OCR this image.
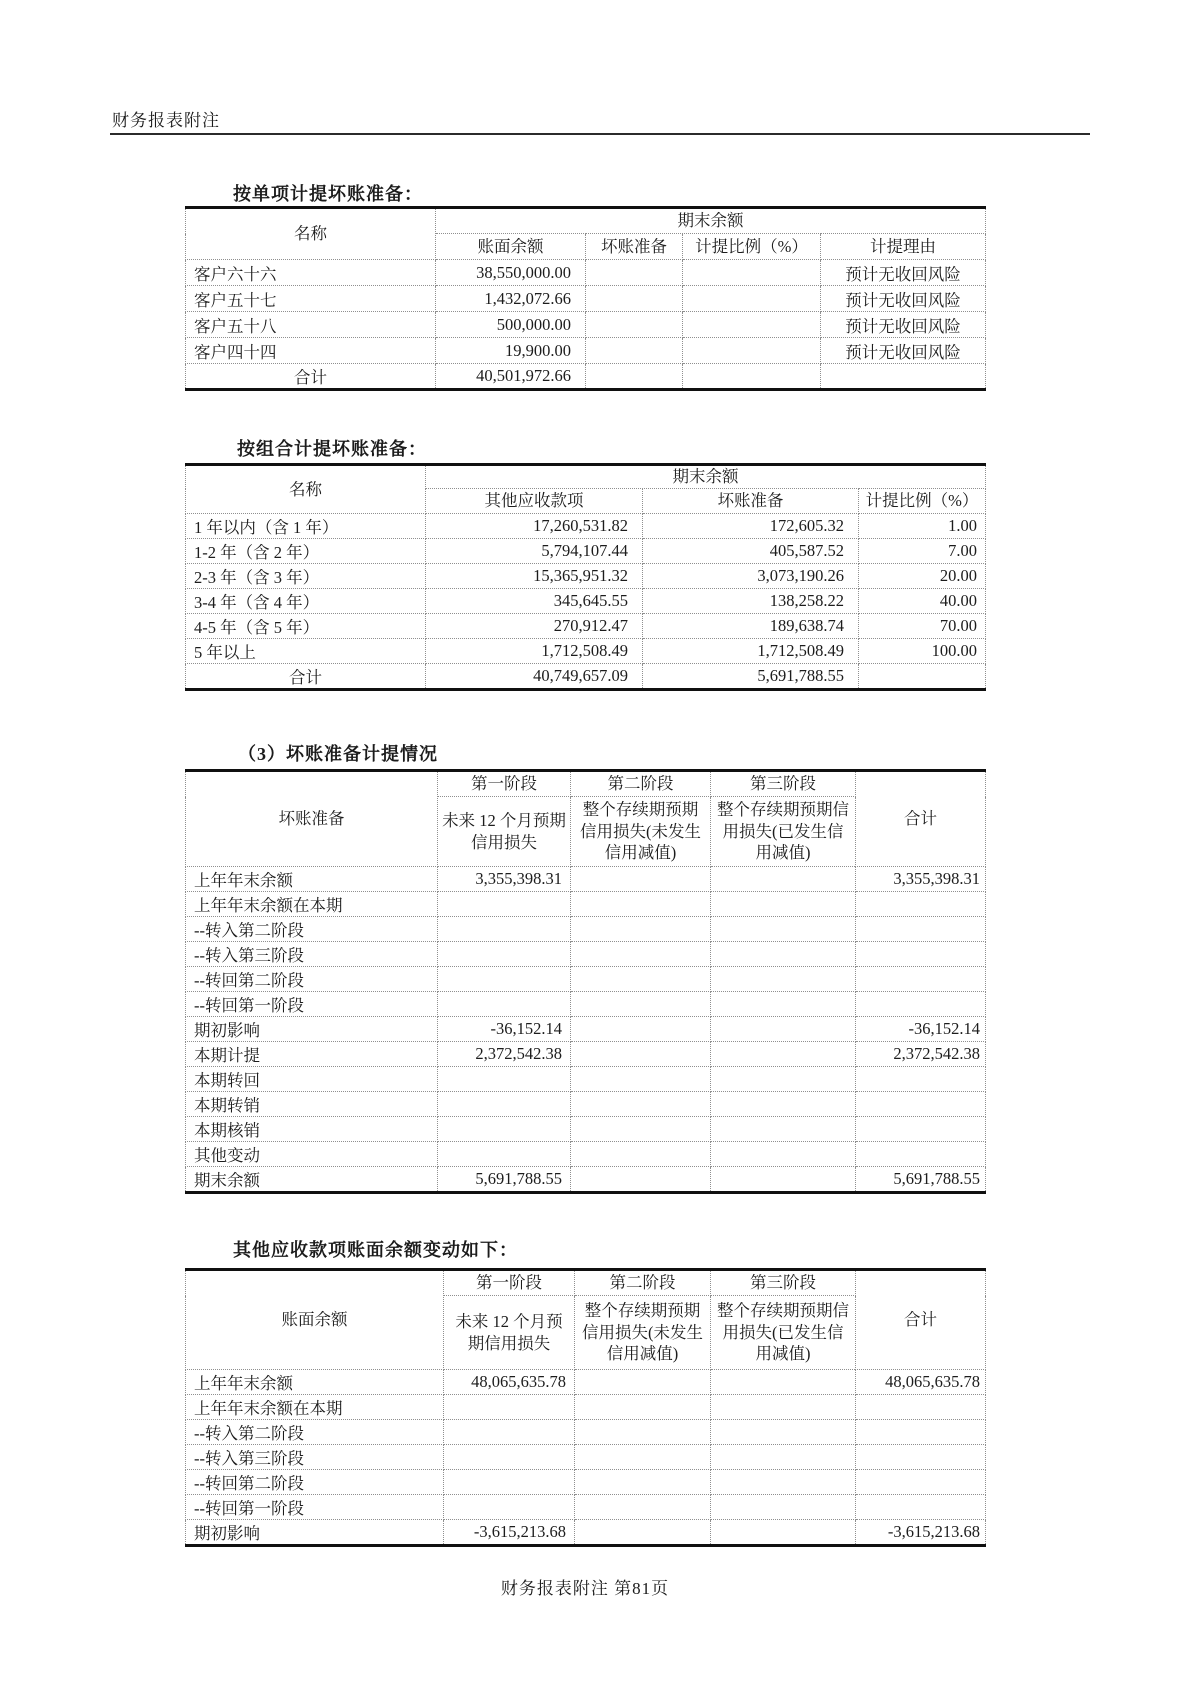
财务报表附注
按单项计提坏账准备：
名称	期末余额			
	账面余额	坏账准备	计提比例（%）	计提理由
客户六十六	38,550,000.00			预计无收回风险
客户五十七	1,432,072.66			预计无收回风险
客户五十八	500,000.00			预计无收回风险
客户四十四	19,900.00			预计无收回风险
合计	40,501,972.66			
按组合计提坏账准备：
名称	期末余额		
	其他应收款项	坏账准备	计提比例（%）
1 年以内（含 1 年）	17,260,531.82	172,605.32	1.00
1-2 年（含 2 年）	5,794,107.44	405,587.52	7.00
2-3 年（含 3 年）	15,365,951.32	3,073,190.26	20.00
3-4 年（含 4 年）	345,645.55	138,258.22	40.00
4-5 年（含 5 年）	270,912.47	189,638.74	70.00
5 年以上	1,712,508.49	1,712,508.49	100.00
合计	40,749,657.09	5,691,788.55	
（3）坏账准备计提情况
坏账准备	第一阶段	第二阶段	第三阶段	合计
	未来 12 个月预期信用损失	整个存续期预期信用损失(未发生信用减值)	整个存续期预期信用损失(已发生信用减值)	
上年年末余额	3,355,398.31			3,355,398.31
上年年末余额在本期				
--转入第二阶段				
--转入第三阶段				
--转回第二阶段				
--转回第一阶段				
期初影响	-36,152.14			-36,152.14
本期计提	2,372,542.38			2,372,542.38
本期转回				
本期转销				
本期核销				
其他变动				
期末余额	5,691,788.55			5,691,788.55
其他应收款项账面余额变动如下：
账面余额	第一阶段	第二阶段	第三阶段	合计
	未来 12 个月预期信用损失	整个存续期预期信用损失(未发生信用减值)	整个存续期预期信用损失(已发生信用减值)	
上年年末余额	48,065,635.78			48,065,635.78
上年年末余额在本期				
--转入第二阶段				
--转入第三阶段				
--转回第二阶段				
--转回第一阶段				
期初影响	-3,615,213.68			-3,615,213.68
财务报表附注 第81页
